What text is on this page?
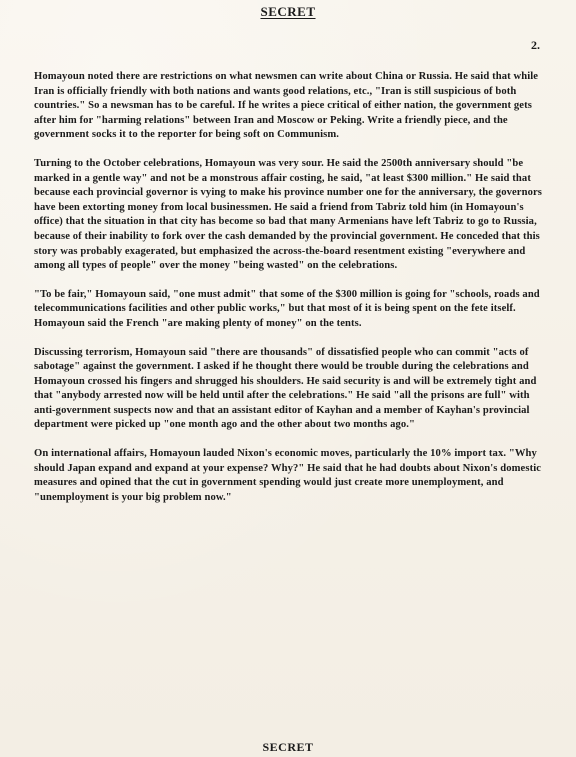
SECRET
2.

Homayoun noted there are restrictions on what newsmen can write about China or Russia. He said that while Iran is officially friendly with both nations and wants good relations, etc., "Iran is still suspicious of both countries." So a newsman has to be careful. If he writes a piece critical of either nation, the government gets after him for "harming relations" between Iran and Moscow or Peking. Write a friendly piece, and the government socks it to the reporter for being soft on Communism.

Turning to the October celebrations, Homayoun was very sour. He said the 2500th anniversary should "be marked in a gentle way" and not be a monstrous affair costing, he said, "at least $300 million." He said that because each provincial governor is vying to make his province number one for the anniversary, the governors have been extorting money from local businessmen. He said a friend from Tabriz told him (in Homayoun's office) that the situation in that city has become so bad that many Armenians have left Tabriz to go to Russia, because of their inability to fork over the cash demanded by the provincial government. He conceded that this story was probably exagerated, but emphasized the across-the-board resentment existing "everywhere and among all types of people" over the money "being wasted" on the celebrations.

"To be fair," Homayoun said, "one must admit" that some of the $300 million is going for "schools, roads and telecommunications facilities and other public works," but that most of it is being spent on the fete itself. Homayoun said the French "are making plenty of money" on the tents.

Discussing terrorism, Homayoun said "there are thousands" of dissatisfied people who can commit "acts of sabotage" against the government. I asked if he thought there would be trouble during the celebrations and Homayoun crossed his fingers and shrugged his shoulders. He said security is and will be extremely tight and that "anybody arrested now will be held until after the celebrations." He said "all the prisons are full" with anti-government suspects now and that an assistant editor of Kayhan and a member of Kayhan's provincial department were picked up "one month ago and the other about two months ago."

On international affairs, Homayoun lauded Nixon's economic moves, particularly the 10% import tax. "Why should Japan expand and expand at your expense? Why?" He said that he had doubts about Nixon's domestic measures and opined that the cut in government spending would just create more unemployment, and "unemployment is your big problem now."

SECRET
